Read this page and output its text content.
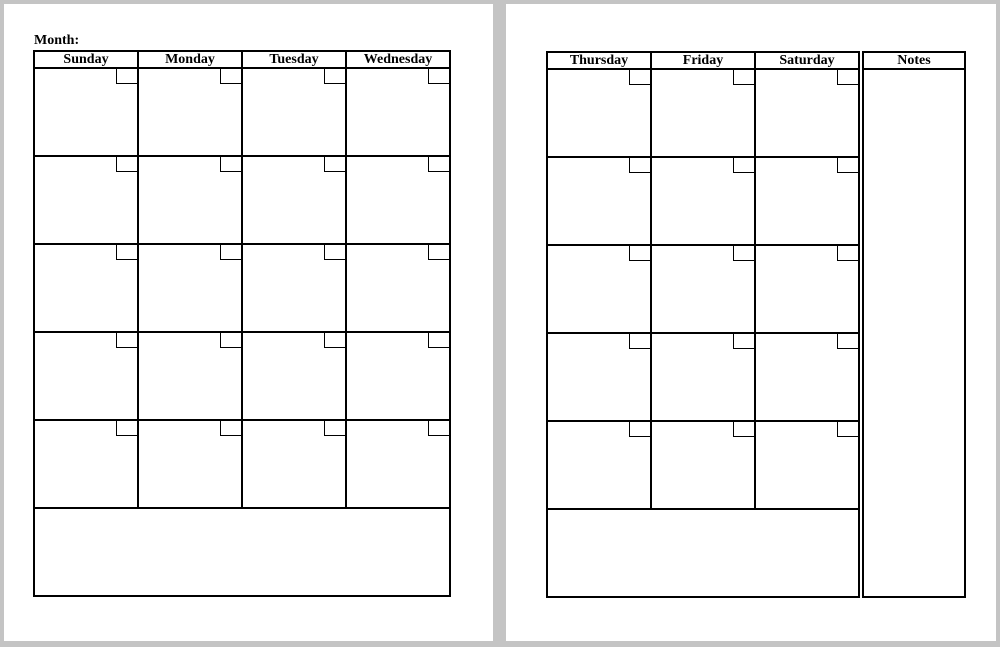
Month:
Sunday	Monday	Tuesday	Wednesday

		Thursday	Friday	Saturday		Notes
